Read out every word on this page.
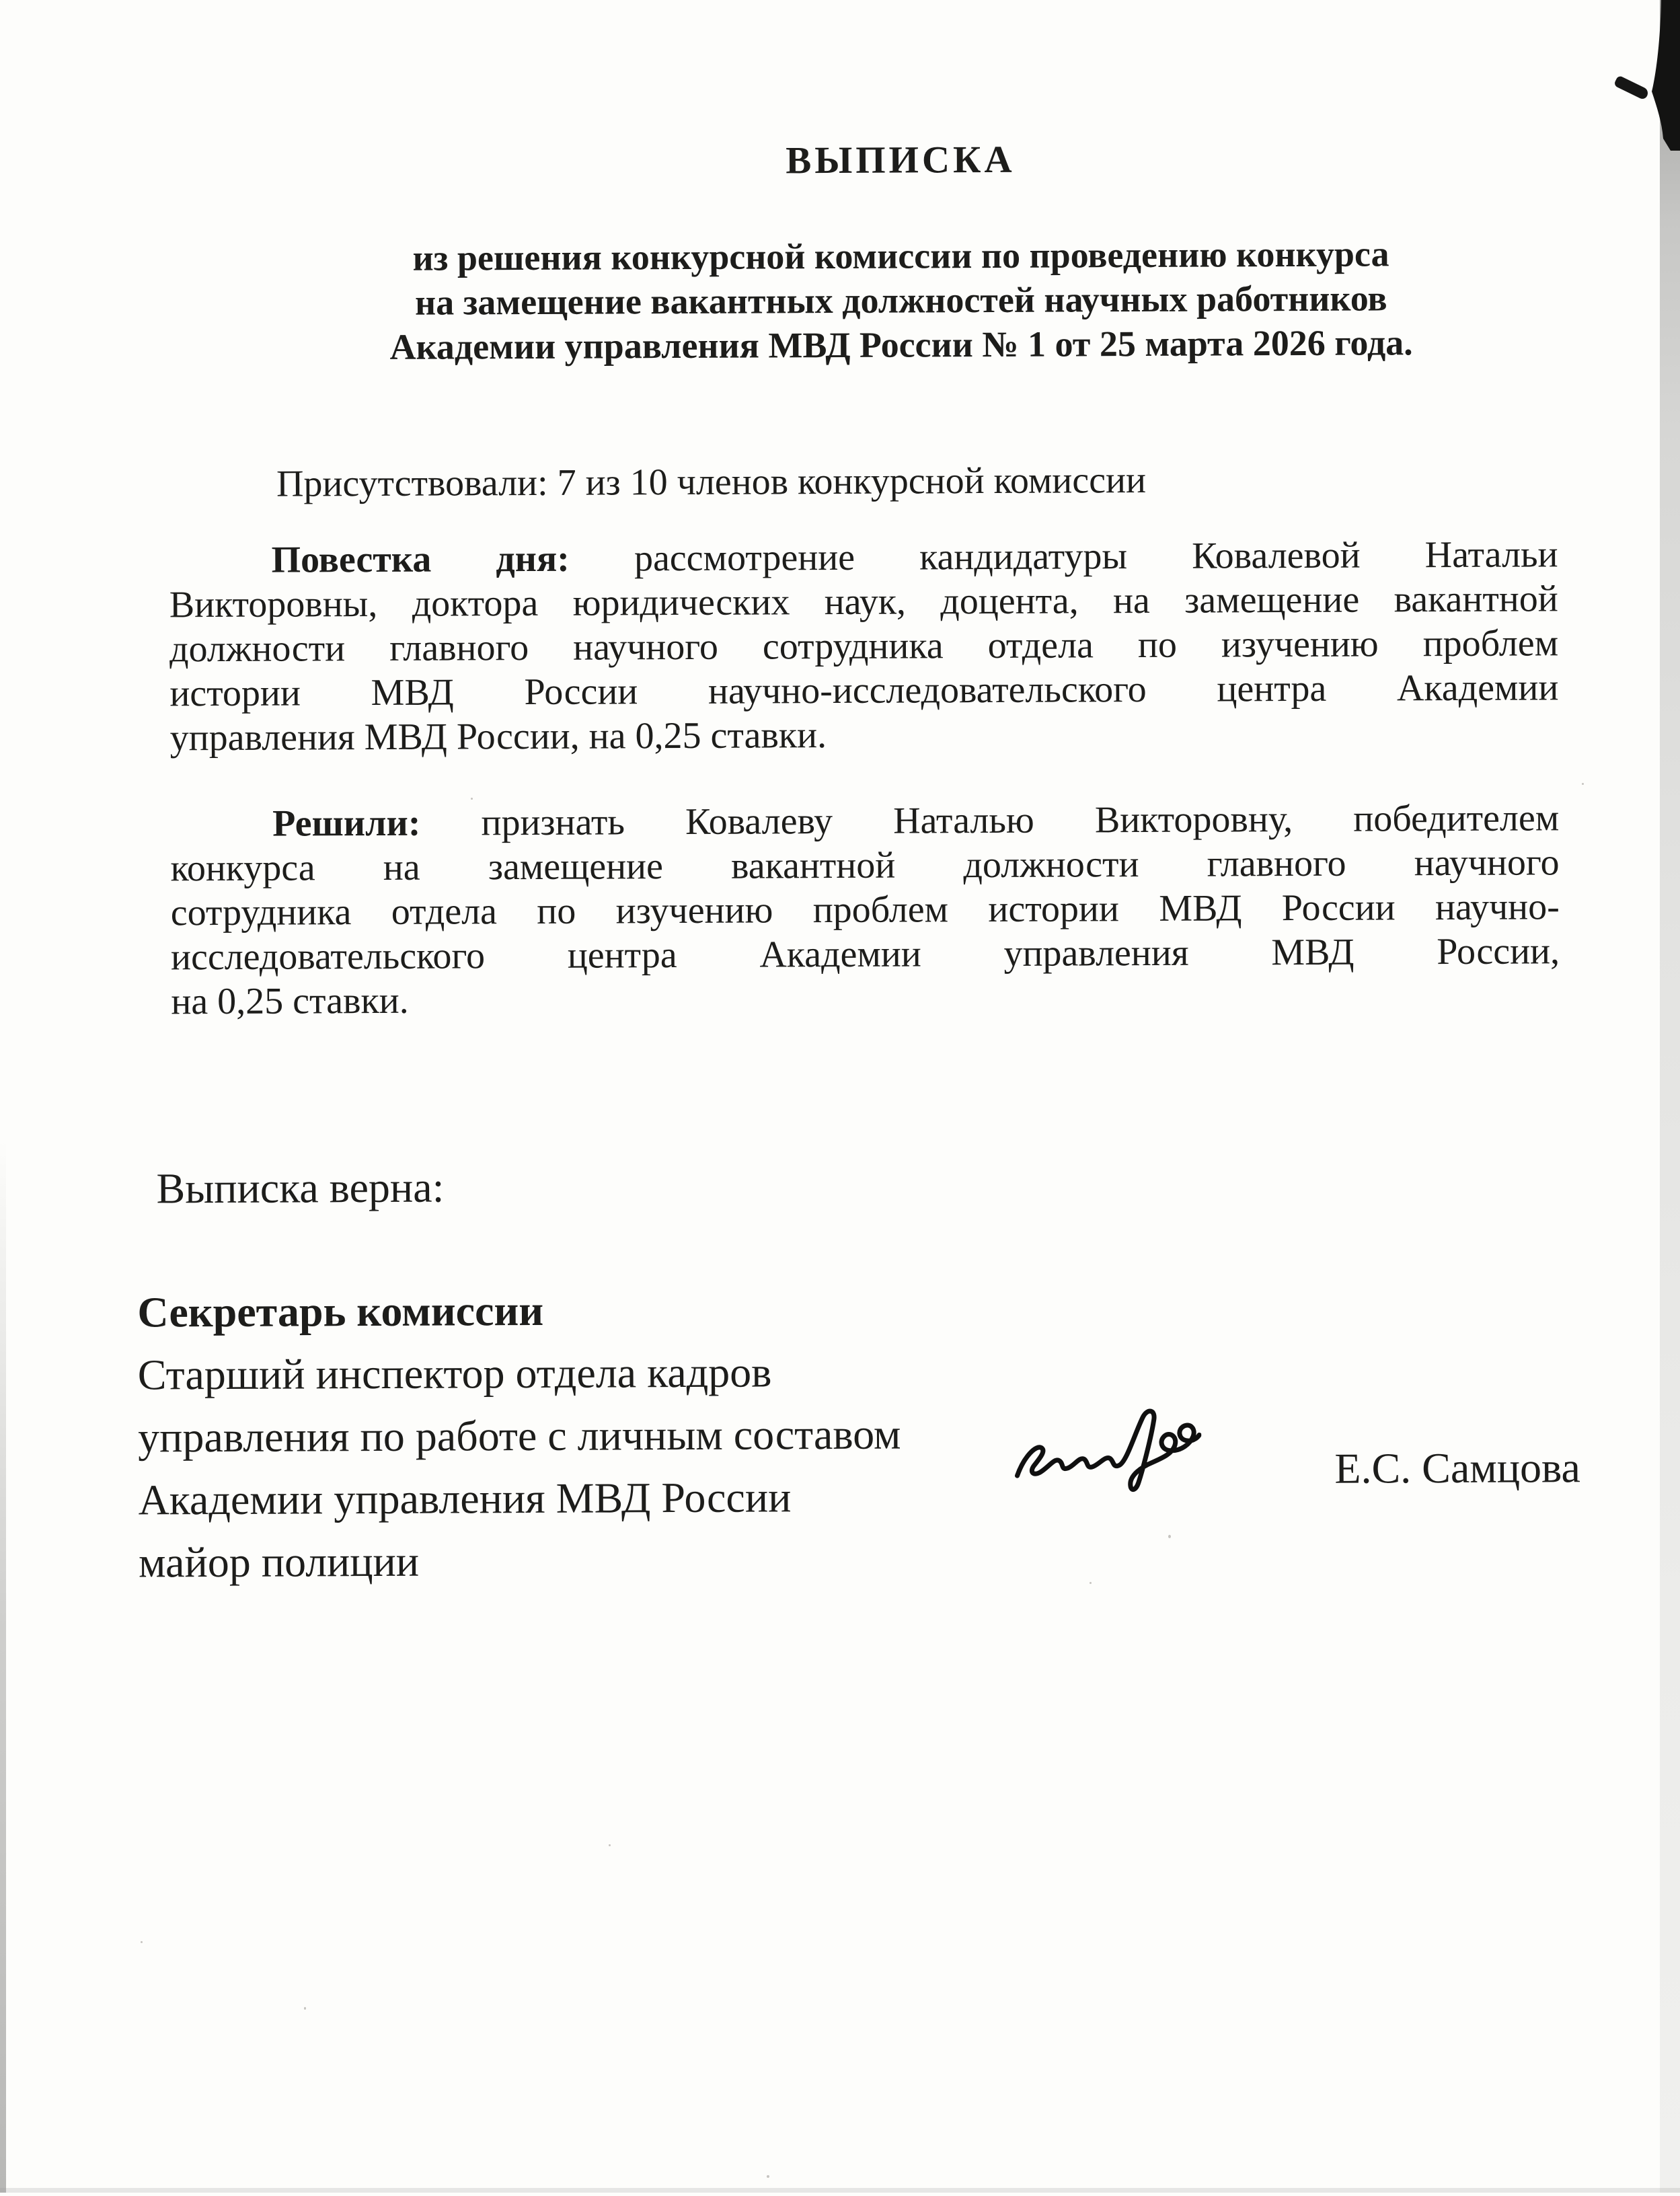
ВЫПИСКА
из решения конкурсной комиссии по проведению конкурса
на замещение вакантных должностей научных работников
Академии управления МВД России № 1 от 25 марта 2026 года.
Присутствовали: 7 из 10 членов конкурсной комиссии
Повестка дня: рассмотрение кандидатуры Ковалевой Натальи
Викторовны, доктора юридических наук, доцента, на замещение вакантной
должности главного научного сотрудника отдела по изучению проблем
истории МВД России научно-исследовательского центра Академии
управления МВД России, на 0,25 ставки.
Решили: признать Ковалеву Наталью Викторовну, победителем
конкурса на замещение вакантной должности главного научного
сотрудника отдела по изучению проблем истории МВД России научно-
исследовательского центра Академии управления МВД России,
на 0,25 ставки.
Выписка верна:
Секретарь комиссии
Старший инспектор отдела кадров
управления по работе с личным составом
Академии управления МВД России
майор полиции
Е.С. Самцова
